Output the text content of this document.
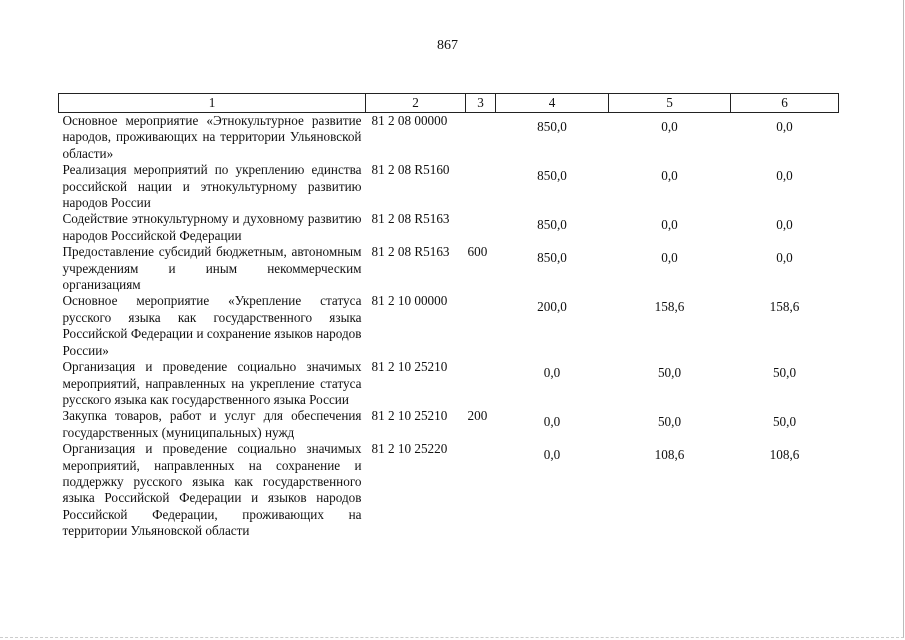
867
1	2	3	4	5	6
Основное мероприятие «Этнокультурное развитие народов, проживающих на территории Ульяновской области»	81 2 08 00000		850,0	0,0	0,0
Реализация мероприятий по укреплению единства российской нации и этнокультурному развитию народов России	81 2 08 R5160		850,0	0,0	0,0
Содействие этнокультурному и духовному развитию народов Российской Федерации	81 2 08 R5163		850,0	0,0	0,0
Предоставление субсидий бюджетным, автономным учреждениям и иным некоммерческим организациям	81 2 08 R5163	600	850,0	0,0	0,0
Основное мероприятие «Укрепление статуса русского языка как государственного языка Российской Федерации и сохранение языков народов России»	81 2 10 00000		200,0	158,6	158,6
Организация и проведение социально значимых мероприятий, направленных на укрепление статуса русского языка как государственного языка России	81 2 10 25210		0,0	50,0	50,0
Закупка товаров, работ и услуг для обеспечения государственных (муниципальных) нужд	81 2 10 25210	200	0,0	50,0	50,0
Организация и проведение социально значимых мероприятий, направленных на сохранение и поддержку русского языка как государственного языка Российской Федерации и языков народов Российской Федерации, проживающих на территории Ульяновской области	81 2 10 25220		0,0	108,6	108,6
